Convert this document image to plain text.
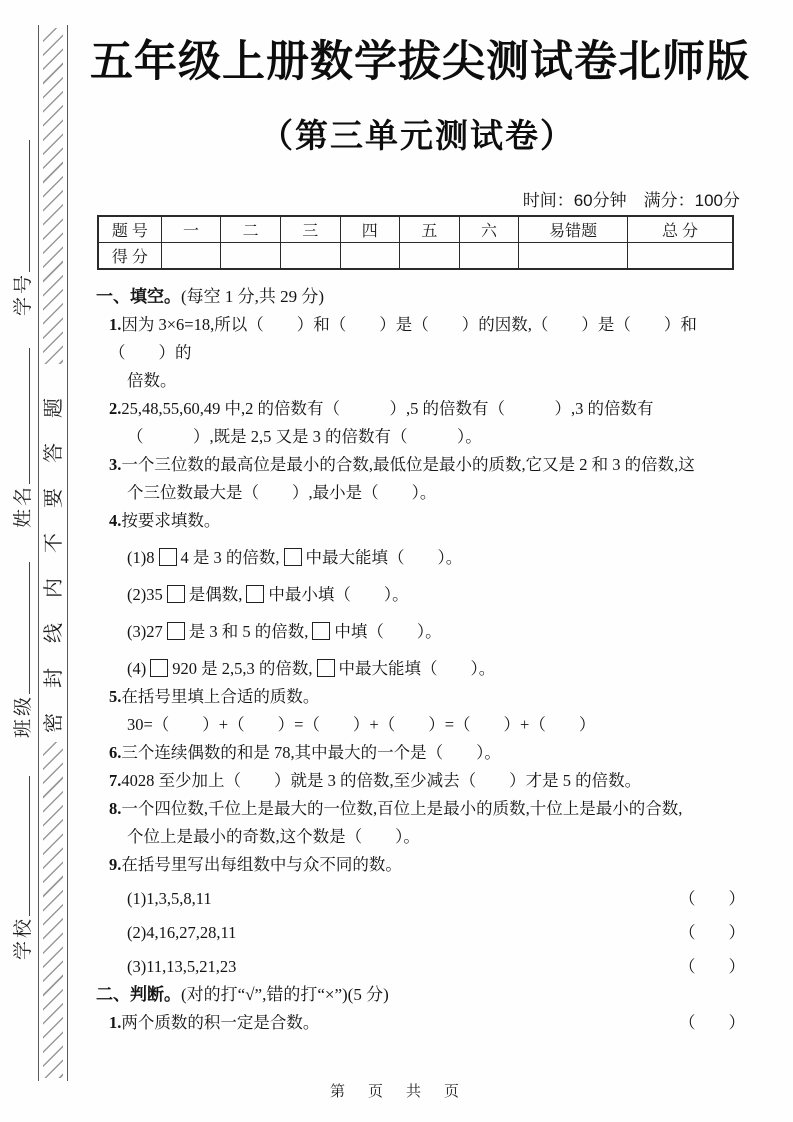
学号
姓名
班级
学校
密封线内不要答题
五年级上册数学拔尖测试卷北师版
（第三单元测试卷）
时间：60分钟　满分：100分
题 号	一	二	三	四	五	六	易错题	总 分
得 分								
一、填空。(每空 1 分,共 29 分)
1.因为 3×6=18,所以（　　）和（　　）是（　　）的因数,（　　）是（　　）和（　　）的
倍数。
2.25,48,55,60,49 中,2 的倍数有（　　　）,5 的倍数有（　　　）,3 的倍数有
（　　　）,既是 2,5 又是 3 的倍数有（　　　）。
3.一个三位数的最高位是最小的合数,最低位是最小的质数,它又是 2 和 3 的倍数,这
个三位数最大是（　　）,最小是（　　）。
4.按要求填数。
(1)8 4 是 3 的倍数, 中最大能填（　　）。
(2)35 是偶数, 中最小填（　　）。
(3)27 是 3 和 5 的倍数, 中填（　　）。
(4) 920 是 2,5,3 的倍数, 中最大能填（　　）。
5.在括号里填上合适的质数。
30=（　　）+（　　）=（　　）+（　　）=（　　）+（　　）
6.三个连续偶数的和是 78,其中最大的一个是（　　）。
7.4028 至少加上（　　）就是 3 的倍数,至少减去（　　）才是 5 的倍数。
8.一个四位数,千位上是最大的一位数,百位上是最小的质数,十位上是最小的合数,
个位上是最小的奇数,这个数是（　　）。
9.在括号里写出每组数中与众不同的数。
(1)1,3,5,8,11	（　　）
(2)4,16,27,28,11	（　　）
(3)11,13,5,21,23	（　　）
二、判断。(对的打“√”,错的打“×”)(5 分)
1.两个质数的积一定是合数。	（　　）
第　页　共　页
